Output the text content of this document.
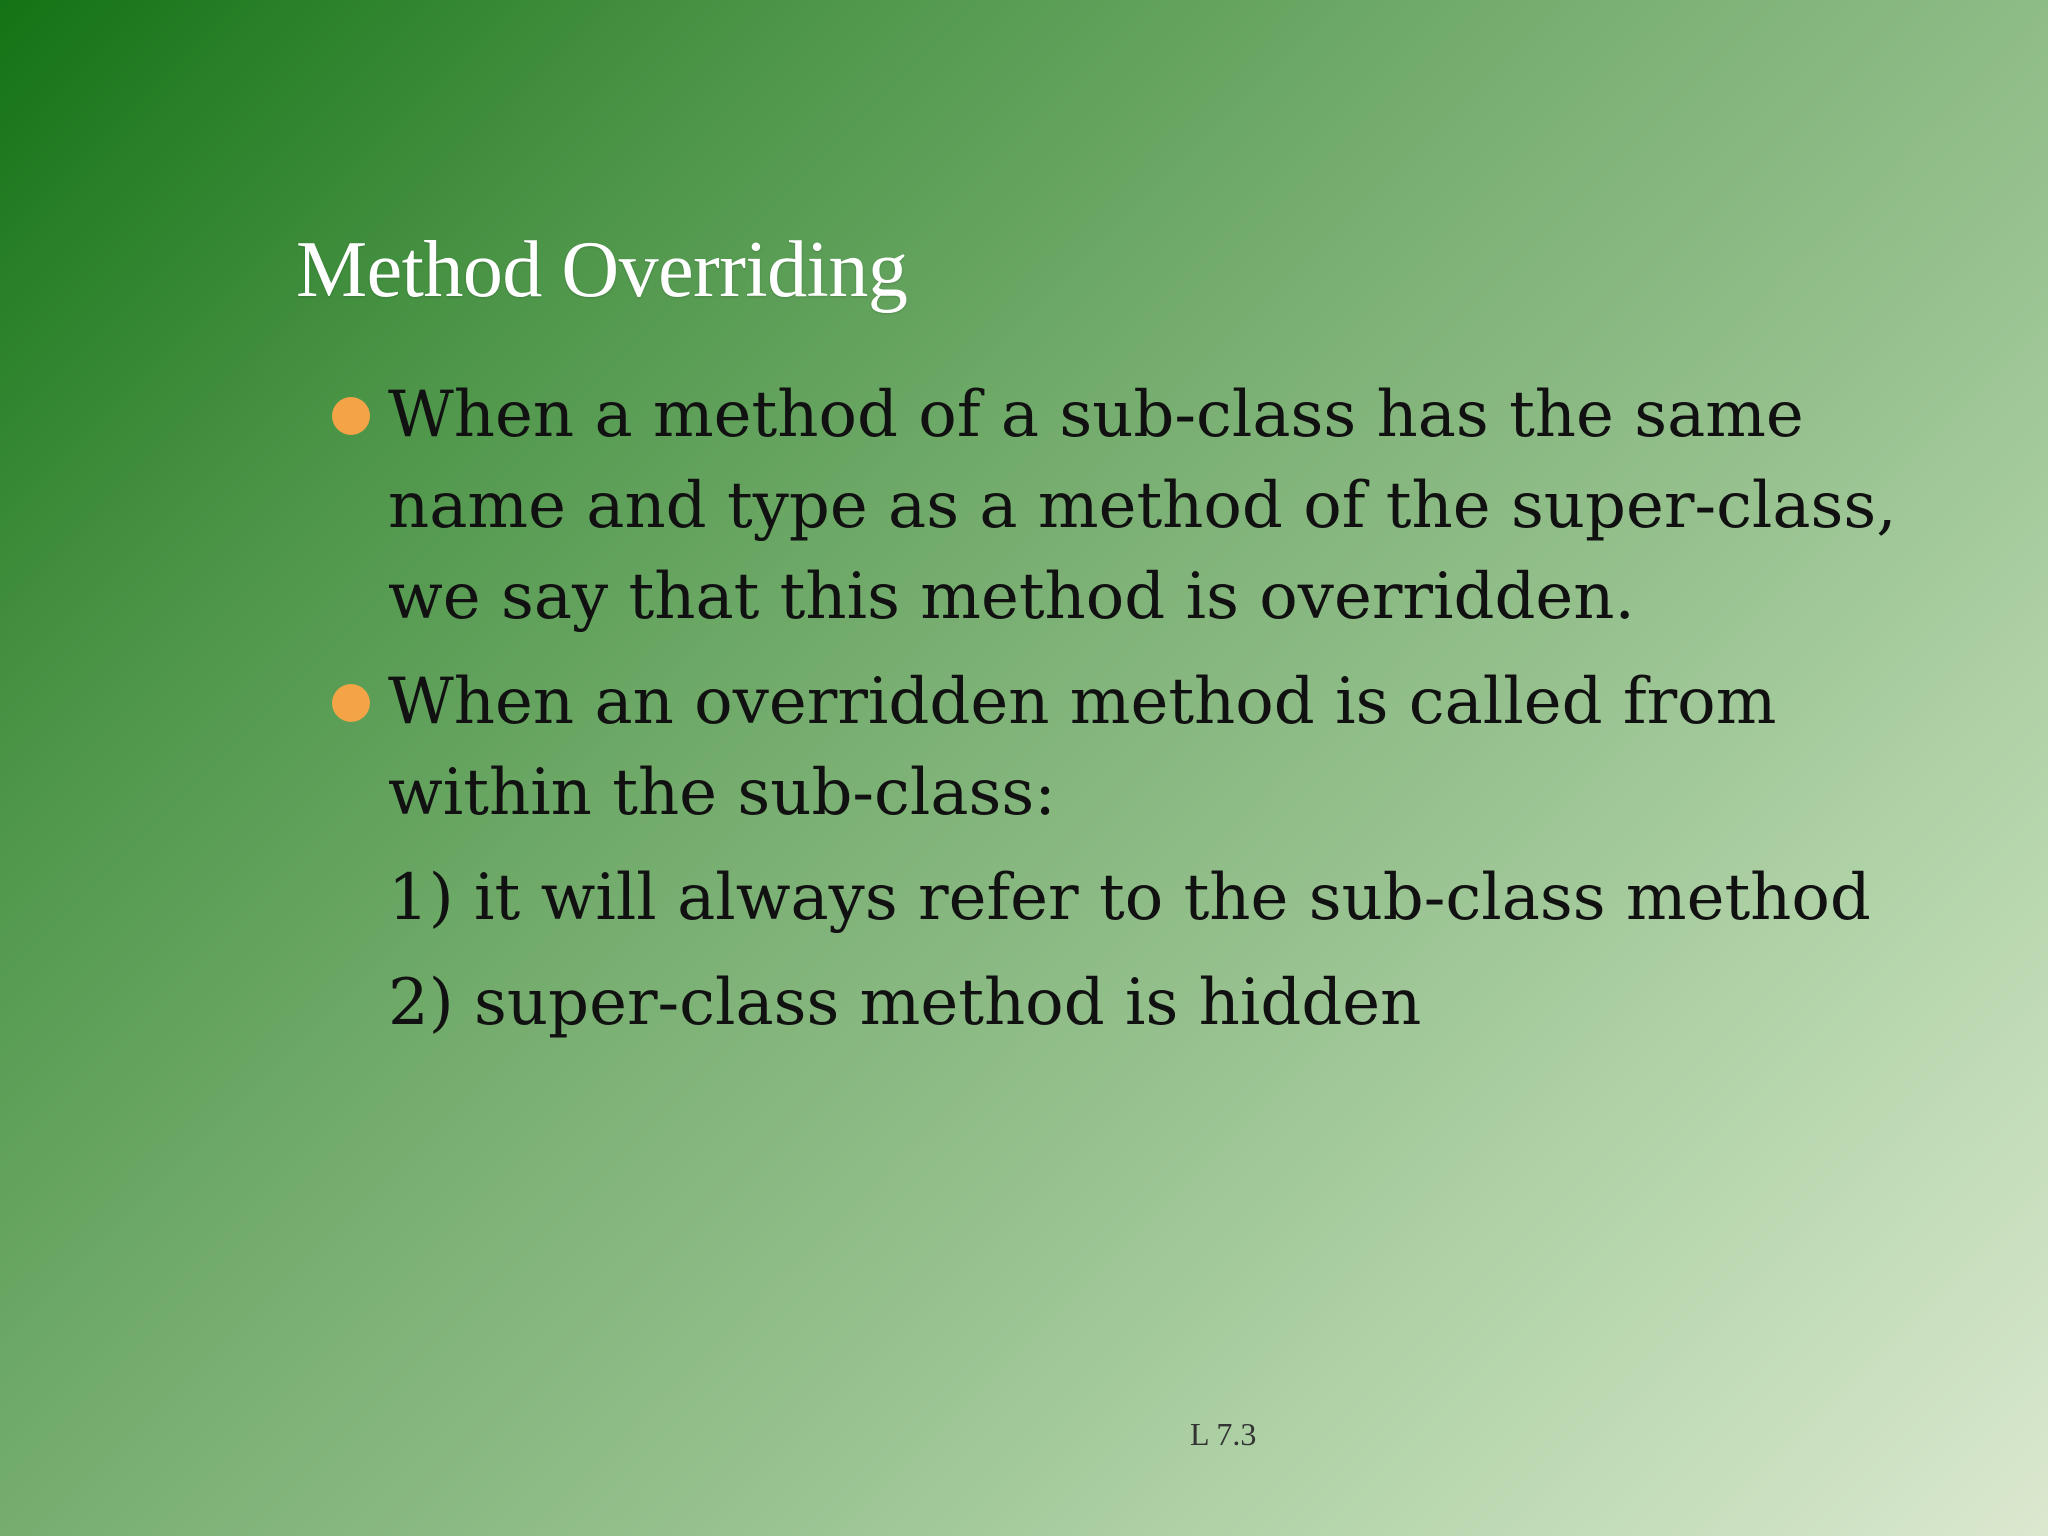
Method Overriding
When a method of a sub-class has the same
name and type as a method of the super-class,
we say that this method is overridden.
When an overridden method is called from
within the sub-class:
1) it will always refer to the sub-class method
2) super-class method is hidden
L 7.3
